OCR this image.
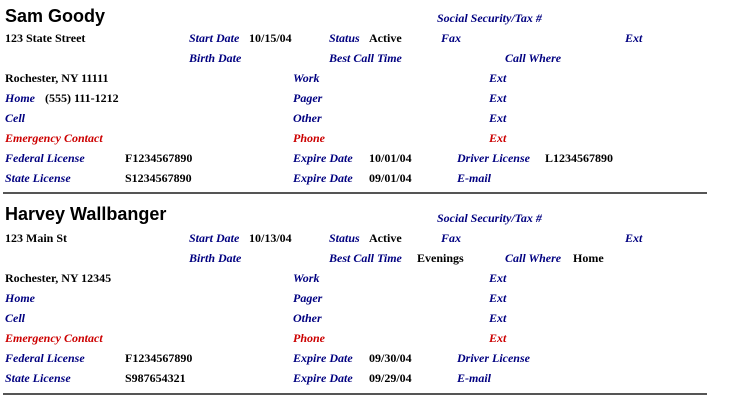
Sam Goody	Social Security/Tax #
123 State Street	Start Date 10/15/04	Status Active	Fax	Ext
Birth Date	Best Call Time	Call Where
Rochester, NY 11111	Work	Ext
Home (555) 111-1212	Pager	Ext
Cell	Other	Ext
Emergency Contact	Phone	Ext
Federal License	F1234567890	Expire Date 10/01/04	Driver License L1234567890
State License	S1234567890	Expire Date 09/01/04	E-mail
Harvey Wallbanger	Social Security/Tax #
123 Main St	Start Date 10/13/04	Status Active	Fax	Ext
Birth Date	Best Call Time Evenings	Call Where Home
Rochester, NY 12345	Work	Ext
Home	Pager	Ext
Cell	Other	Ext
Emergency Contact	Phone	Ext
Federal License	F1234567890	Expire Date 09/30/04	Driver License
State License	S987654321	Expire Date 09/29/04	E-mail
